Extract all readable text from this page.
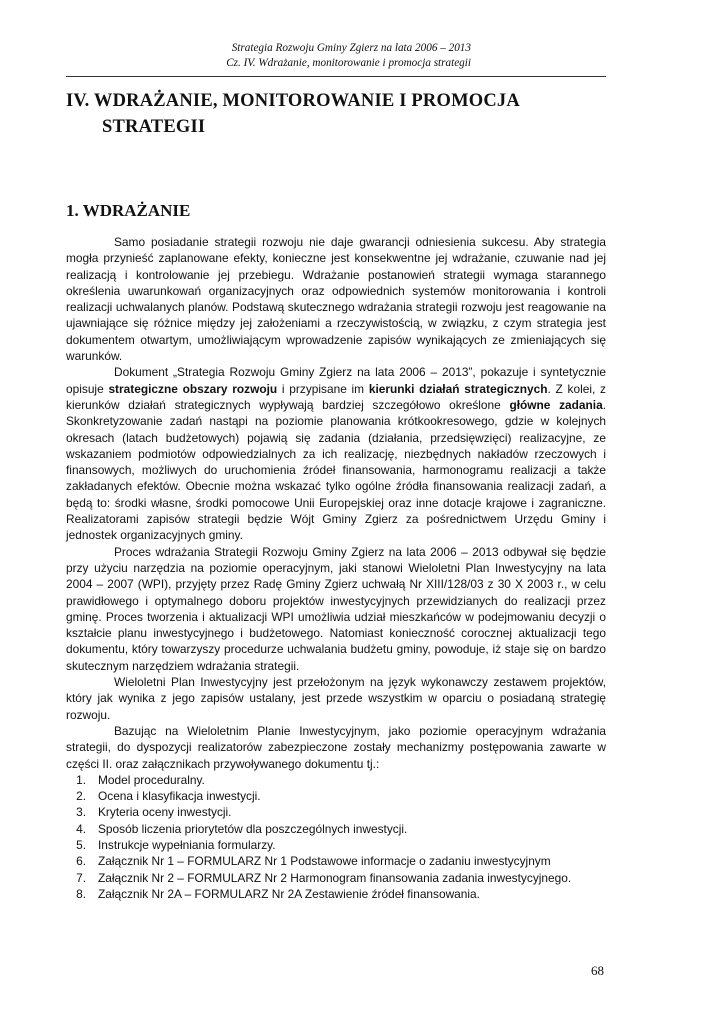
Strategia Rozwoju Gminy Zgierz na lata 2006 – 2013
Cz. IV. Wdrażanie, monitorowanie i promocja strategii
IV. WDRAŻANIE, MONITOROWANIE I PROMOCJA
STRATEGII
1. WDRAŻANIE

Samo posiadanie strategii rozwoju nie daje gwarancji odniesienia sukcesu. Aby strategia mogła przynieść zaplanowane efekty, konieczne jest konsekwentne jej wdrażanie, czuwanie nad jej realizacją i kontrolowanie jej przebiegu. Wdrażanie postanowień strategii wymaga starannego określenia uwarunkowań organizacyjnych oraz odpowiednich systemów monitorowania i kontroli realizacji uchwalanych planów. Podstawą skutecznego wdrażania strategii rozwoju jest reagowanie na ujawniające się różnice między jej założeniami a rzeczywistością, w związku, z czym strategia jest dokumentem otwartym, umożliwiającym wprowadzenie zapisów wynikających ze zmieniających się warunków.

Dokument „Strategia Rozwoju Gminy Zgierz na lata 2006 – 2013”, pokazuje i syntetycznie opisuje strategiczne obszary rozwoju i przypisane im kierunki działań strategicznych. Z kolei, z kierunków działań strategicznych wypływają bardziej szczegółowo określone główne zadania. Skonkretyzowanie zadań nastąpi na poziomie planowania krótkookresowego, gdzie w kolejnych okresach (latach budżetowych) pojawią się zadania (działania, przedsięwzięci) realizacyjne, ze wskazaniem podmiotów odpowiedzialnych za ich realizację, niezbędnych nakładów rzeczowych i finansowych, możliwych do uruchomienia źródeł finansowania, harmonogramu realizacji a także zakładanych efektów. Obecnie można wskazać tylko ogólne źródła finansowania realizacji zadań, a będą to: środki własne, środki pomocowe Unii Europejskiej oraz inne dotacje krajowe i zagraniczne. Realizatorami zapisów strategii będzie Wójt Gminy Zgierz za pośrednictwem Urzędu Gminy i jednostek organizacyjnych gminy.

Proces wdrażania Strategii Rozwoju Gminy Zgierz na lata 2006 – 2013 odbywał się będzie przy użyciu narzędzia na poziomie operacyjnym, jaki stanowi Wieloletni Plan Inwestycyjny na lata 2004 – 2007 (WPI), przyjęty przez Radę Gminy Zgierz uchwałą Nr XIII/128/03 z 30 X 2003 r., w celu prawidłowego i optymalnego doboru projektów inwestycyjnych przewidzianych do realizacji przez gminę. Proces tworzenia i aktualizacji WPI umożliwia udział mieszkańców w podejmowaniu decyzji o kształcie planu inwestycyjnego i budżetowego. Natomiast konieczność corocznej aktualizacji tego dokumentu, który towarzyszy procedurze uchwalania budżetu gminy, powoduje, iż staje się on bardzo skutecznym narzędziem wdrażania strategii.

Wieloletni Plan Inwestycyjny jest przełożonym na język wykonawczy zestawem projektów, który jak wynika z jego zapisów ustalany, jest przede wszystkim w oparciu o posiadaną strategię rozwoju.

Bazując na Wieloletnim Planie Inwestycyjnym, jako poziomie operacyjnym wdrażania strategii, do dyspozycji realizatorów zabezpieczone zostały mechanizmy postępowania zawarte w części II. oraz załącznikach przywoływanego dokumentu tj.:

1. Model proceduralny.
2. Ocena i klasyfikacja inwestycji.
3. Kryteria oceny inwestycji.
4. Sposób liczenia priorytetów dla poszczególnych inwestycji.
5. Instrukcje wypełniania formularzy.
6. Załącznik Nr 1 – FORMULARZ Nr 1 Podstawowe informacje o zadaniu inwestycyjnym
7. Załącznik Nr 2 – FORMULARZ Nr 2 Harmonogram finansowania zadania inwestycyjnego.
8. Załącznik Nr 2A – FORMULARZ Nr 2A Zestawienie źródeł finansowania.
68
